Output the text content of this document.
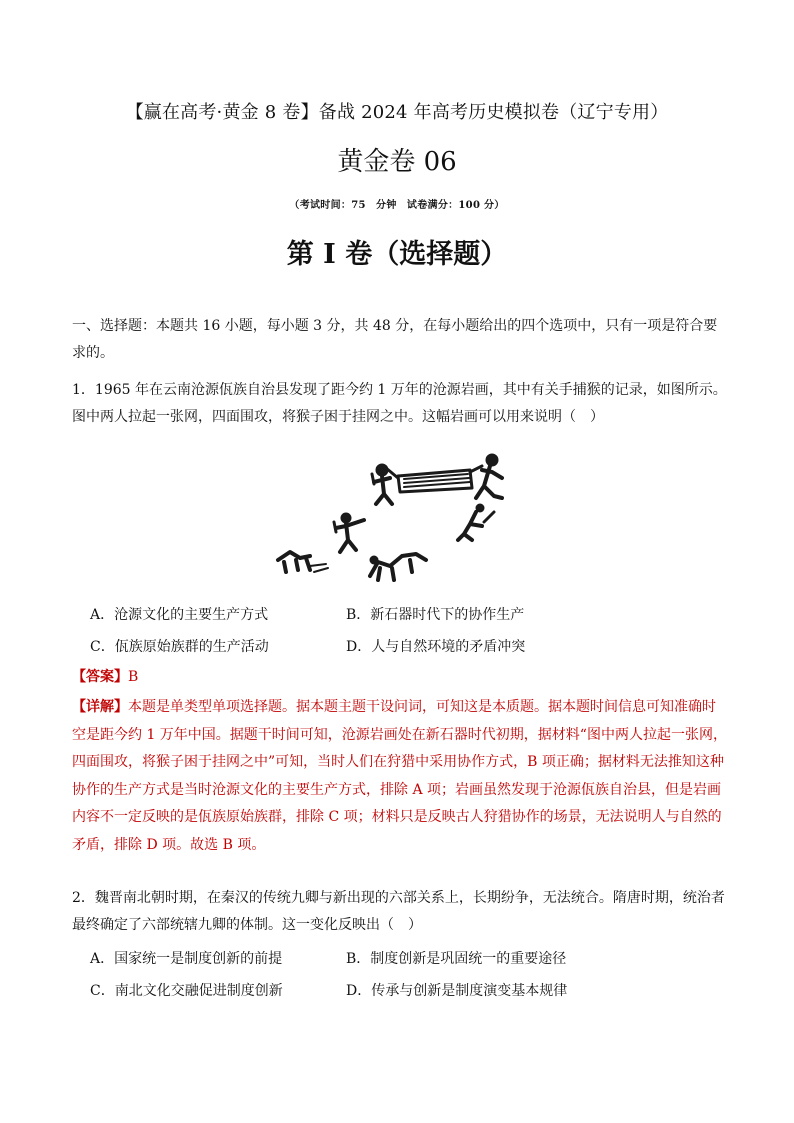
【赢在高考·黄金 8 卷】备战 2024 年高考历史模拟卷（辽宁专用）
黄金卷 06
（考试时间：75　分钟　试卷满分：100 分）
第 I 卷（选择题）
一、选择题：本题共 16 小题，每小题 3 分，共 48 分，在每小题给出的四个选项中，只有一项是符合要求的。
1．1965 年在云南沧源佤族自治县发现了距今约 1 万年的沧源岩画，其中有关手捕猴的记录，如图所示。图中两人拉起一张网，四面围攻，将猴子困于挂网之中。这幅岩画可以用来说明（　）
A．沧源文化的主要生产方式	B．新石器时代下的协作生产
C．佤族原始族群的生产活动	D．人与自然环境的矛盾冲突
【答案】B
【详解】本题是单类型单项选择题。据本题主题干设问词，可知这是本质题。据本题时间信息可知准确时空是距今约 1 万年中国。据题干时间可知，沧源岩画处在新石器时代初期，据材料“图中两人拉起一张网，四面围攻，将猴子困于挂网之中”可知，当时人们在狩猎中采用协作方式，B 项正确；据材料无法推知这种协作的生产方式是当时沧源文化的主要生产方式，排除 A 项；岩画虽然发现于沧源佤族自治县，但是岩画内容不一定反映的是佤族原始族群，排除 C 项；材料只是反映古人狩猎协作的场景，无法说明人与自然的矛盾，排除 D 项。故选 B 项。
2．魏晋南北朝时期，在秦汉的传统九卿与新出现的六部关系上，长期纷争，无法统合。隋唐时期，统治者最终确定了六部统辖九卿的体制。这一变化反映出（　）
A．国家统一是制度创新的前提	B．制度创新是巩固统一的重要途径
C．南北文化交融促进制度创新	D．传承与创新是制度演变基本规律
